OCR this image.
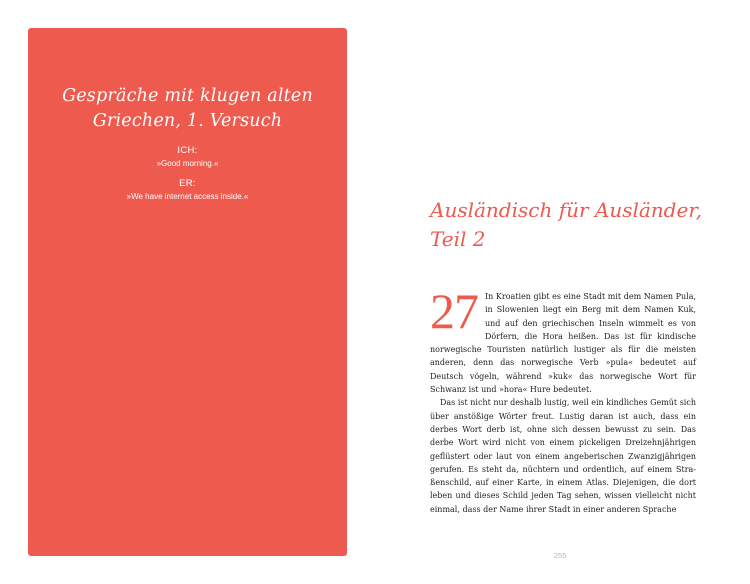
Gespräche mit klugen alten
Griechen, 1. Versuch
ICH:
»Good morning.«
ER:
»We have internet access inside.«
Ausländisch für Ausländer,
Teil 2

27 In Kroatien gibt es eine Stadt mit dem Namen Pula, in Slowenien liegt ein Berg mit dem Namen Kuk, und auf den griechischen Inseln wimmelt es von Dörfern, die Hora heißen. Das ist für kindische norwegische Touristen natürlich lustiger als für die meisten anderen, denn das norwegische Verb »pula« bedeutet auf Deutsch vögeln, während »kuk« das norwegische Wort für Schwanz ist und »hora« Hure bedeutet.

Das ist nicht nur deshalb lustig, weil ein kindliches Gemüt sich über anstößige Wörter freut. Lustig daran ist auch, dass ein derbes Wort derb ist, ohne sich dessen bewusst zu sein. Das derbe Wort wird nicht von einem pickeligen Dreizehnjährigen geflüstert oder laut von einem angeberischen Zwanzigjährigen gerufen. Es steht da, nüchtern und ordentlich, auf einem Straßenschild, auf einer Karte, in einem Atlas. Diejenigen, die dort leben und dieses Schild jeden Tag sehen, wissen vielleicht nicht einmal, dass der Name ihrer Stadt in einer anderen Sprache

255
